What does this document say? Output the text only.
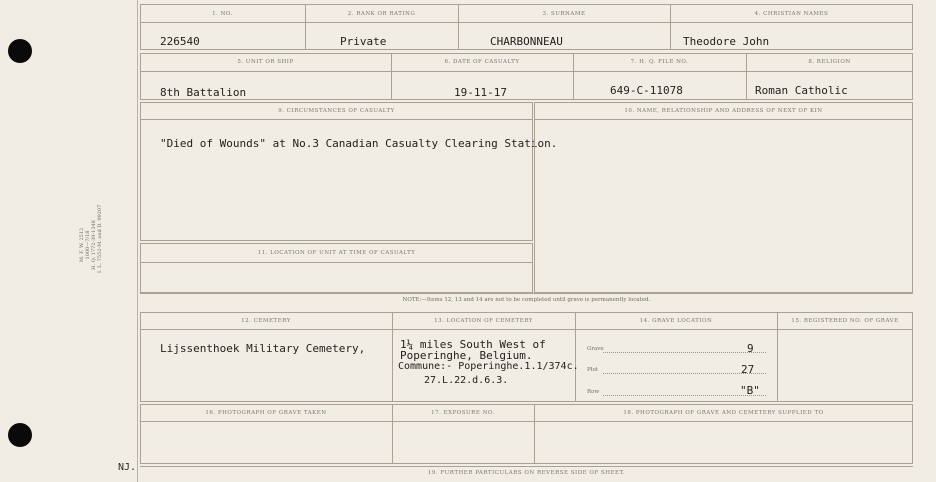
M. F. W. 2512 1000—7/18 H. Q. 1772-39-1348 I. L. 7552-M. and D. 99207
NJ.
1. NO.	2. RANK OR RATING	3. SURNAME	4. CHRISTIAN NAMES
226540	Private	CHARBONNEAU	Theodore John
5. UNIT OR SHIP	6. DATE OF CASUALTY	7. H. Q. FILE NO.	8. RELIGION
8th Battalion	19-11-17	649-C-11078	Roman Catholic
9. CIRCUMSTANCES OF CASUALTY
"Died of Wounds" at No.3 Canadian Casualty Clearing Station.
10. NAME, RELATIONSHIP AND ADDRESS OF NEXT OF KIN
11. LOCATION OF UNIT AT TIME OF CASUALTY
NOTE:—Items 12, 13 and 14 are not to be completed until grave is permanently located.
12. CEMETERY	13. LOCATION OF CEMETERY	14. GRAVE LOCATION	15. REGISTERED NO. OF GRAVE
Lijssenthoek Military Cemetery,	1¼ miles South West of
Poperinghe, Belgium.
Commune:- Poperinghe.1.1/374c.
27.L.22.d.6.3.
Grave	9
Plot	27
Row	"B"
16. PHOTOGRAPH OF GRAVE TAKEN	17. EXPOSURE NO.	18. PHOTOGRAPH OF GRAVE AND CEMETERY SUPPLIED TO
19. FURTHER PARTICULARS ON REVERSE SIDE OF SHEET.
